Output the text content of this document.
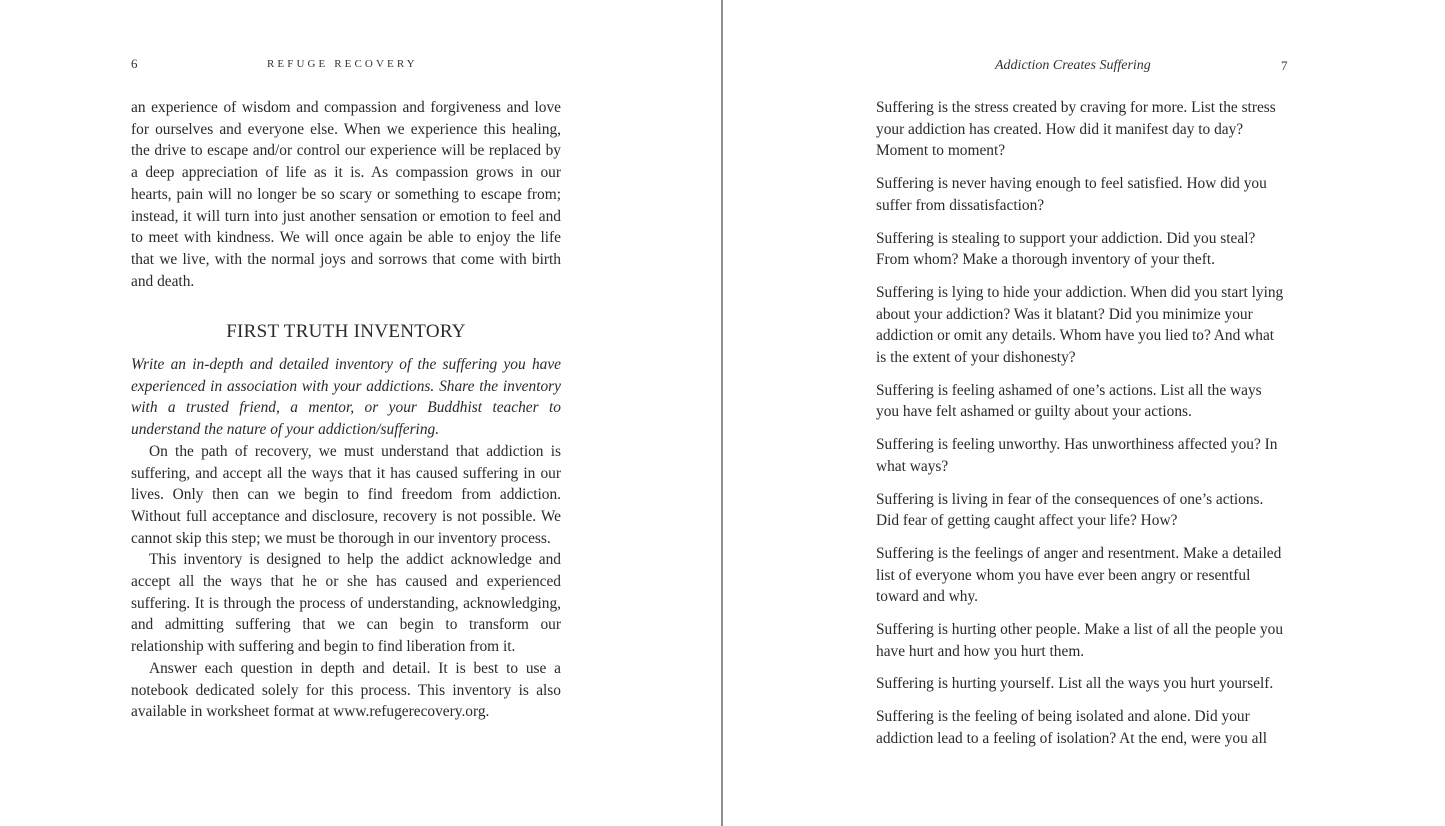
6	REFUGE RECOVERY

an experience of wisdom and compassion and forgiveness and love for ourselves and everyone else. When we experience this healing, the drive to escape and/or control our experience will be replaced by a deep appreciation of life as it is. As compassion grows in our hearts, pain will no longer be so scary or something to escape from; instead, it will turn into just another sensation or emotion to feel and to meet with kindness. We will once again be able to enjoy the life that we live, with the normal joys and sorrows that come with birth and death.

FIRST TRUTH INVENTORY

Write an in-depth and detailed inventory of the suffering you have experienced in association with your addictions. Share the inventory with a trusted friend, a mentor, or your Buddhist teacher to understand the nature of your addiction/suffering.

On the path of recovery, we must understand that addiction is suffering, and accept all the ways that it has caused suffering in our lives. Only then can we begin to find freedom from addiction. Without full acceptance and disclosure, recovery is not possible. We cannot skip this step; we must be thorough in our inventory process.

This inventory is designed to help the addict acknowledge and accept all the ways that he or she has caused and experienced suffering. It is through the process of understanding, acknowledging, and admitting suffering that we can begin to transform our relationship with suffering and begin to find liberation from it.

Answer each question in depth and detail. It is best to use a notebook dedicated solely for this process. This inventory is also available in worksheet format at www.refugerecovery.org.

Addiction Creates Suffering	7

Suffering is the stress created by craving for more. List the stress your addiction has created. How did it manifest day to day? Moment to moment?

Suffering is never having enough to feel satisfied. How did you suffer from dissatisfaction?

Suffering is stealing to support your addiction. Did you steal? From whom? Make a thorough inventory of your theft.

Suffering is lying to hide your addiction. When did you start lying about your addiction? Was it blatant? Did you minimize your addiction or omit any details. Whom have you lied to? And what is the extent of your dishonesty?

Suffering is feeling ashamed of one’s actions. List all the ways you have felt ashamed or guilty about your actions.

Suffering is feeling unworthy. Has unworthiness affected you? In what ways?

Suffering is living in fear of the consequences of one’s actions. Did fear of getting caught affect your life? How?

Suffering is the feelings of anger and resentment. Make a detailed list of everyone whom you have ever been angry or resentful toward and why.

Suffering is hurting other people. Make a list of all the people you have hurt and how you hurt them.

Suffering is hurting yourself. List all the ways you hurt yourself.

Suffering is the feeling of being isolated and alone. Did your addiction lead to a feeling of isolation? At the end, were you all
